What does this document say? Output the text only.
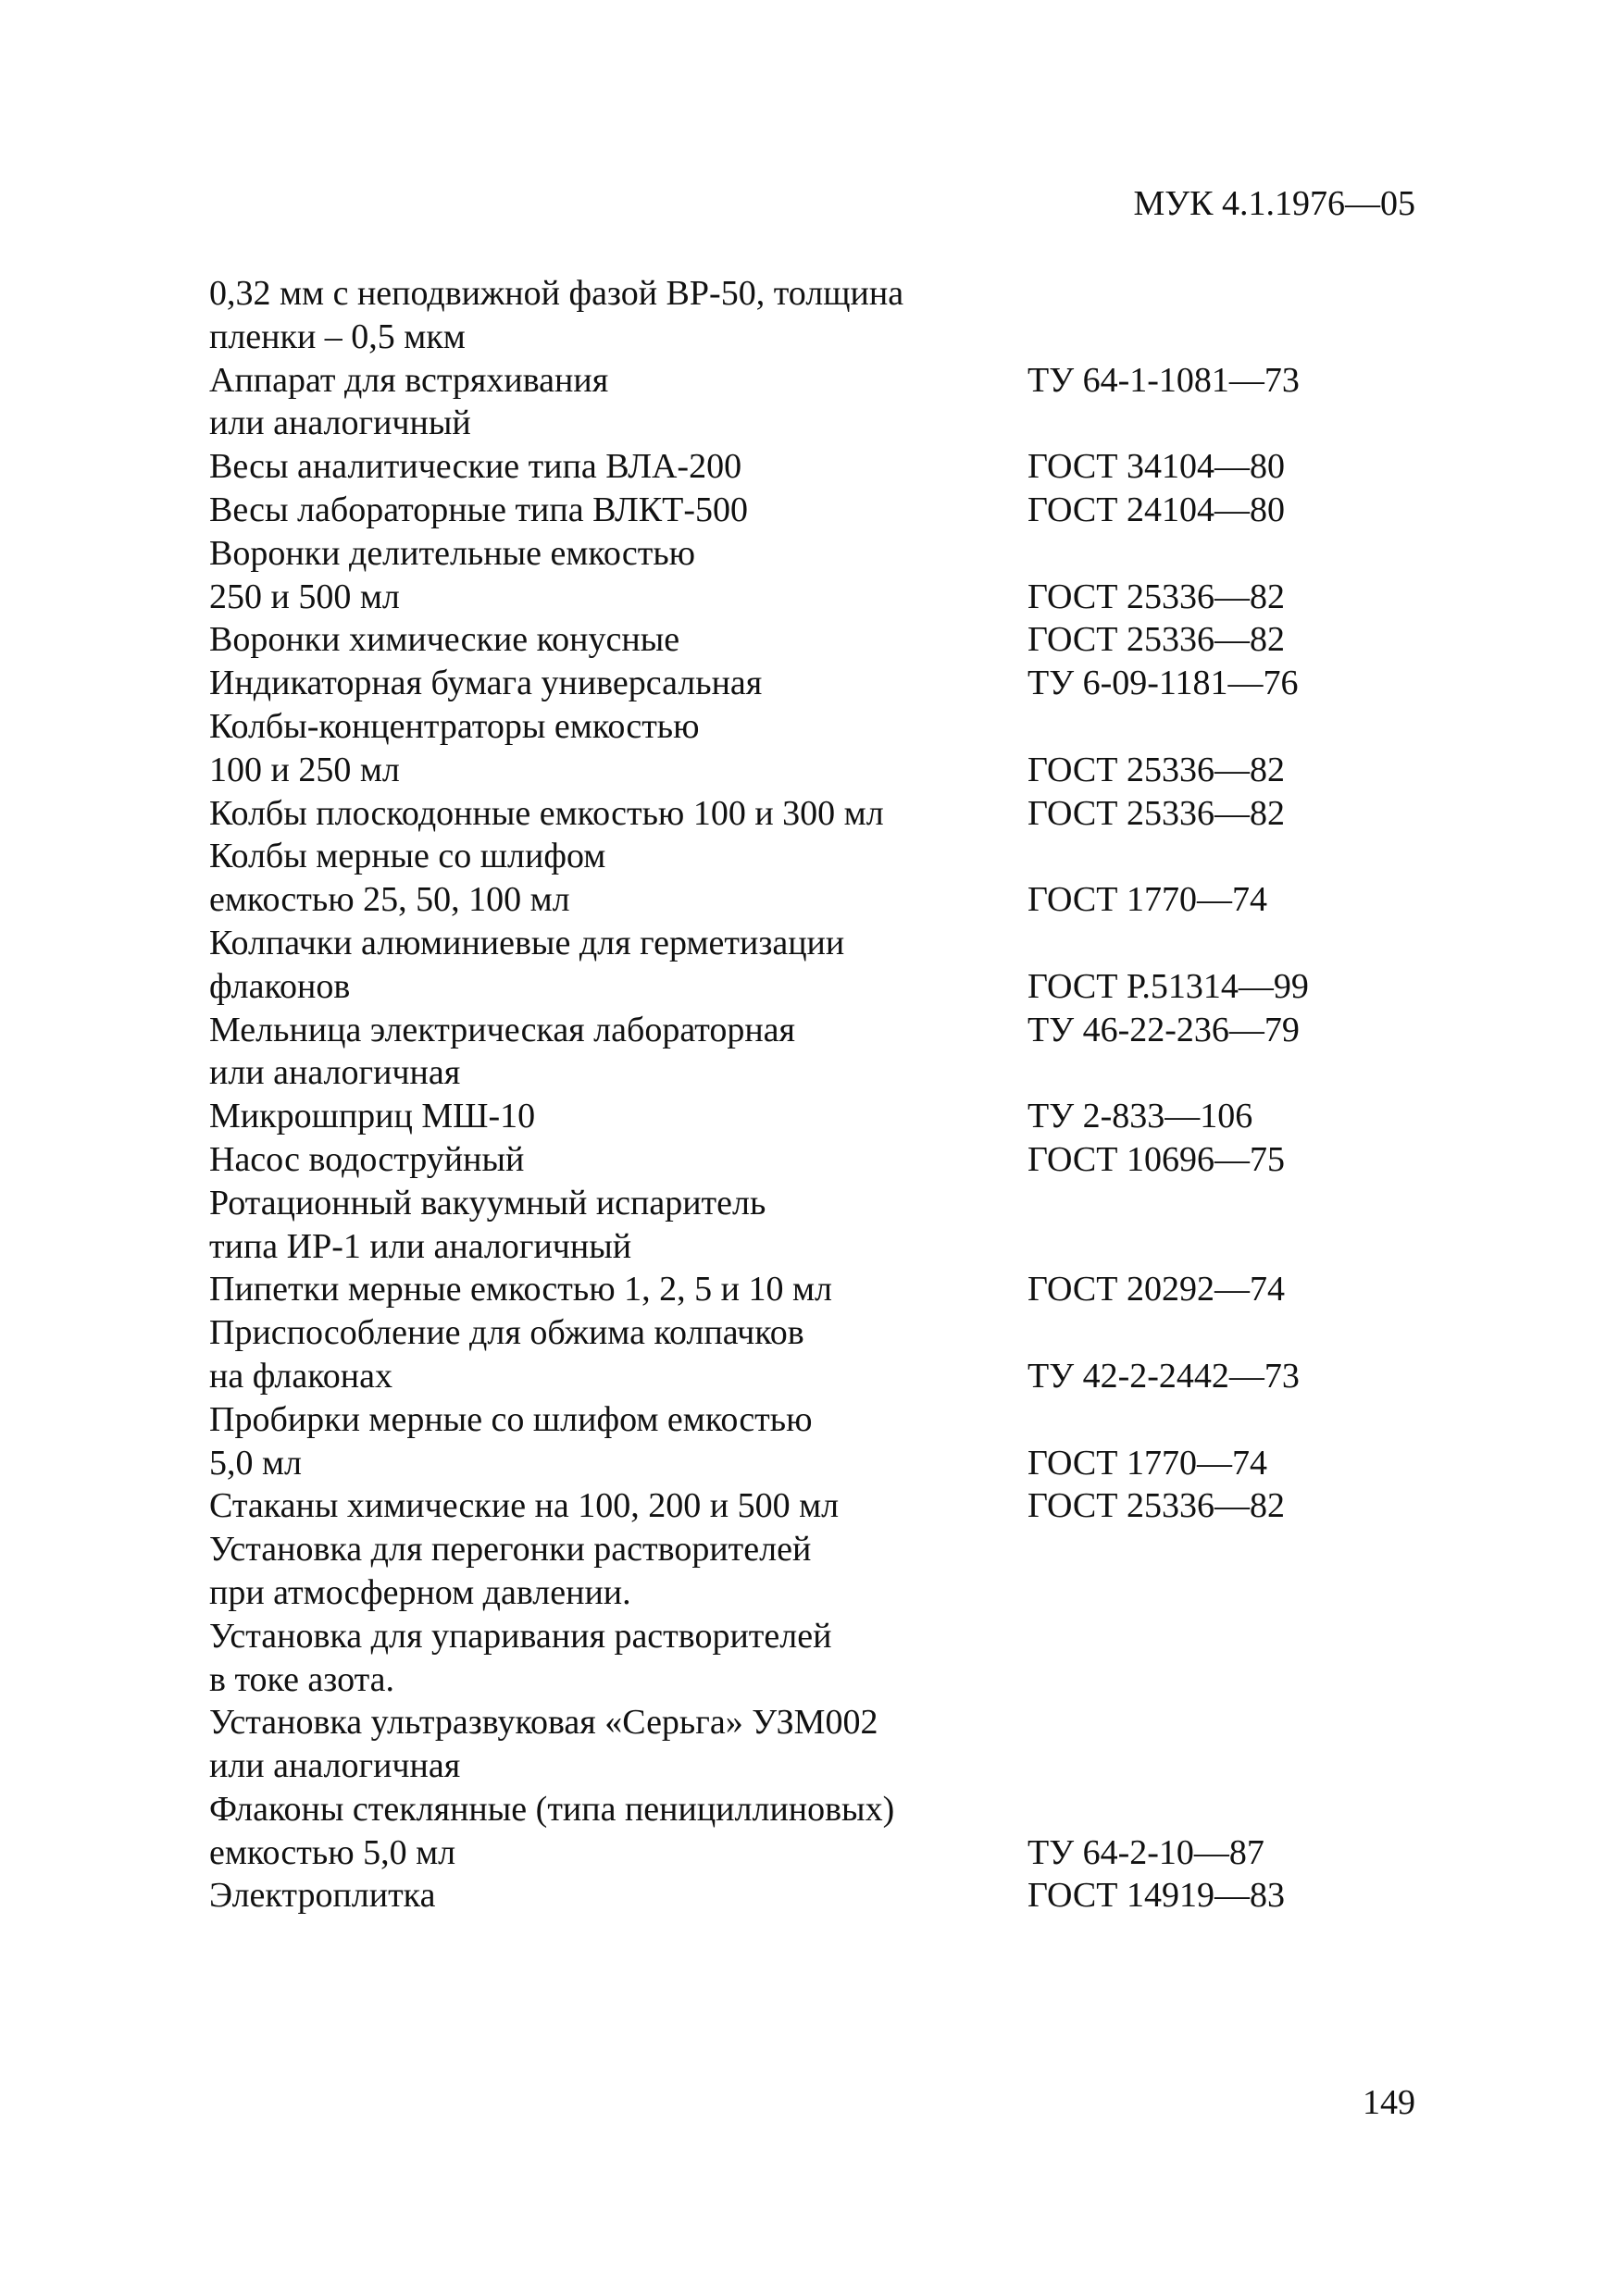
МУК 4.1.1976—05
0,32 мм с неподвижной фазой ВР-50, толщина
пленки – 0,5 мкм
Аппарат для встряхивания	ТУ 64-1-1081—73
или аналогичный
Весы аналитические типа ВЛА-200	ГОСТ 34104—80
Весы лабораторные типа ВЛКТ-500	ГОСТ 24104—80
Воронки делительные емкостью
250 и 500 мл	ГОСТ 25336—82
Воронки химические конусные	ГОСТ 25336—82
Индикаторная бумага универсальная	ТУ 6-09-1181—76
Колбы-концентраторы емкостью
100 и 250 мл	ГОСТ 25336—82
Колбы плоскодонные емкостью 100 и 300 мл	ГОСТ 25336—82
Колбы мерные со шлифом
емкостью 25, 50, 100 мл	ГОСТ 1770—74
Колпачки алюминиевые для герметизации
флаконов	ГОСТ Р.51314—99
Мельница электрическая лабораторная	ТУ 46-22-236—79
или аналогичная
Микрошприц МШ-10	ТУ 2-833—106
Насос водоструйный	ГОСТ 10696—75
Ротационный вакуумный испаритель
типа ИР-1 или аналогичный
Пипетки мерные емкостью 1, 2, 5 и 10 мл	ГОСТ 20292—74
Приспособление для обжима колпачков
на флаконах	ТУ 42-2-2442—73
Пробирки мерные со шлифом емкостью
5,0 мл	ГОСТ 1770—74
Стаканы химические на 100, 200 и 500 мл	ГОСТ 25336—82
Установка для перегонки растворителей
при атмосферном давлении.
Установка для упаривания растворителей
в токе азота.
Установка ультразвуковая «Серьга» УЗМ002
или аналогичная
Флаконы стеклянные (типа пенициллиновых)
емкостью 5,0 мл	ТУ 64-2-10—87
Электроплитка	ГОСТ 14919—83
149
